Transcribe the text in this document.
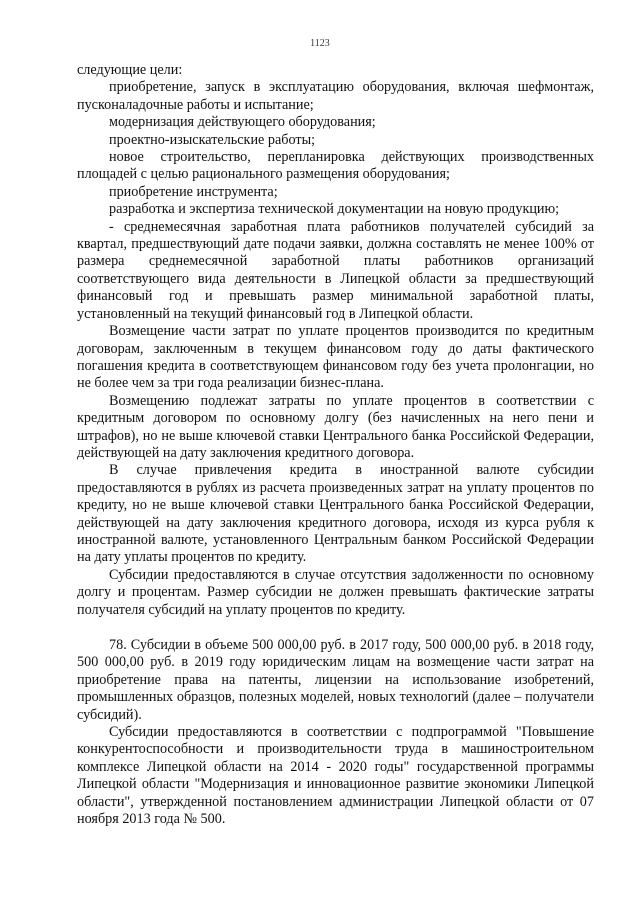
1123

следующие цели:

приобретение, запуск в эксплуатацию оборудования, включая шефмонтаж, пусконаладочные работы и испытание;

модернизация действующего оборудования;

проектно-изыскательские работы;

новое строительство, перепланировка действующих производственных площадей с целью рационального размещения оборудования;

приобретение инструмента;

разработка и экспертиза технической документации на новую продукцию;

- среднемесячная заработная плата работников получателей субсидий за квартал, предшествующий дате подачи заявки, должна составлять не менее 100% от размера среднемесячной заработной платы работников организаций соответствующего вида деятельности в Липецкой области за предшествующий финансовый год и превышать размер минимальной заработной платы, установленный на текущий финансовый год в Липецкой области.

Возмещение части затрат по уплате процентов производится по кредитным договорам, заключенным в текущем финансовом году до даты фактического погашения кредита в соответствующем финансовом году без учета пролонгации, но не более чем за три года реализации бизнес-плана.

Возмещению подлежат затраты по уплате процентов в соответствии с кредитным договором по основному долгу (без начисленных на него пени и штрафов), но не выше ключевой ставки Центрального банка Российской Федерации, действующей на дату заключения кредитного договора.

В случае привлечения кредита в иностранной валюте субсидии предоставляются в рублях из расчета произведенных затрат на уплату процентов по кредиту, но не выше ключевой ставки Центрального банка Российской Федерации, действующей на дату заключения кредитного договора, исходя из курса рубля к иностранной валюте, установленного Центральным банком Российской Федерации на дату уплаты процентов по кредиту.

Субсидии предоставляются в случае отсутствия задолженности по основному долгу и процентам. Размер субсидии не должен превышать фактические затраты получателя субсидий на уплату процентов по кредиту.

78. Субсидии в объеме 500 000,00 руб. в 2017 году, 500 000,00 руб. в 2018 году, 500 000,00 руб. в 2019 году юридическим лицам на возмещение части затрат на приобретение права на патенты, лицензии на использование изобретений, промышленных образцов, полезных моделей, новых технологий (далее – получатели субсидий).

Субсидии предоставляются в соответствии с подпрограммой "Повышение конкурентоспособности и производительности труда в машиностроительном комплексе Липецкой области на 2014 - 2020 годы" государственной программы Липецкой области "Модернизация и инновационное развитие экономики Липецкой области", утвержденной постановлением администрации Липецкой области от 07 ноября 2013 года № 500.
